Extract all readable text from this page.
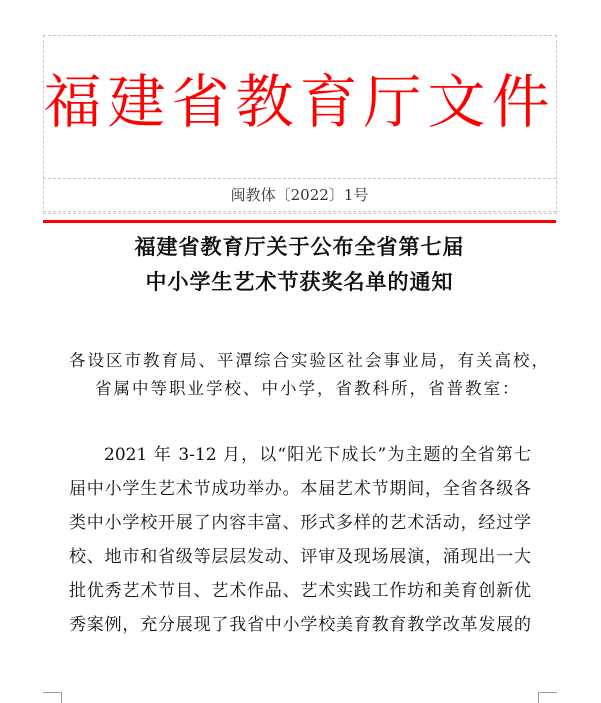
福建省教育厅文件
闽教体〔2022〕1号
福建省教育厅关于公布全省第七届
中小学生艺术节获奖名单的通知
各设区市教育局、平潭综合实验区社会事业局，有关高校，
省属中等职业学校、中小学，省教科所，省普教室：
2021 年 3-12 月，以“阳光下成长”为主题的全省第七
届中小学生艺术节成功举办。本届艺术节期间，全省各级各
类中小学校开展了内容丰富、形式多样的艺术活动，经过学
校、地市和省级等层层发动、评审及现场展演，涌现出一大
批优秀艺术节目、艺术作品、艺术实践工作坊和美育创新优
秀案例，充分展现了我省中小学校美育教育教学改革发展的
